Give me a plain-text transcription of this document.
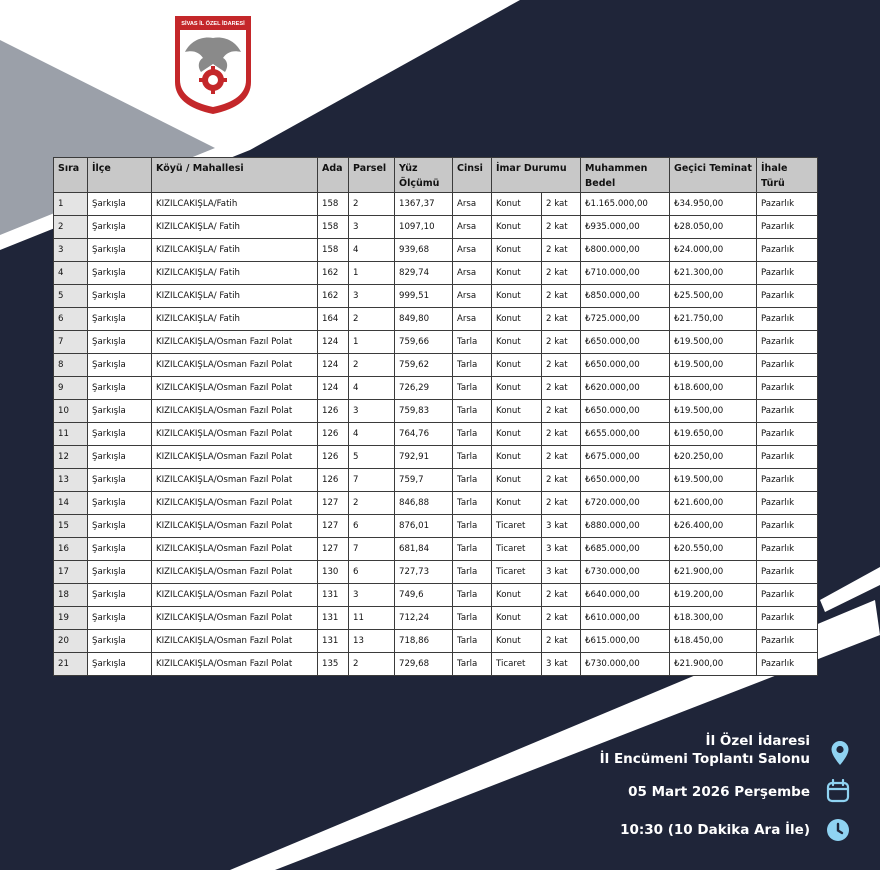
SİVAS İL ÖZEL İDARESİ
Sıra	İlçe	Köyü / Mahallesi	Ada	Parsel	Yüz Ölçümü	Cinsi	İmar Durumu		Muhammen Bedel	Geçici Teminat	İhale Türü
1	Şarkışla	KIZILCAKIŞLA/Fatih	158	2	1367,37	Arsa	Konut	2 kat	₺1.165.000,00	₺34.950,00	Pazarlık
2	Şarkışla	KIZILCAKIŞLA/ Fatih	158	3	1097,10	Arsa	Konut	2 kat	₺935.000,00	₺28.050,00	Pazarlık
3	Şarkışla	KIZILCAKIŞLA/ Fatih	158	4	939,68	Arsa	Konut	2 kat	₺800.000,00	₺24.000,00	Pazarlık
4	Şarkışla	KIZILCAKIŞLA/ Fatih	162	1	829,74	Arsa	Konut	2 kat	₺710.000,00	₺21.300,00	Pazarlık
5	Şarkışla	KIZILCAKIŞLA/ Fatih	162	3	999,51	Arsa	Konut	2 kat	₺850.000,00	₺25.500,00	Pazarlık
6	Şarkışla	KIZILCAKIŞLA/ Fatih	164	2	849,80	Arsa	Konut	2 kat	₺725.000,00	₺21.750,00	Pazarlık
7	Şarkışla	KIZILCAKIŞLA/Osman Fazıl Polat	124	1	759,66	Tarla	Konut	2 kat	₺650.000,00	₺19.500,00	Pazarlık
8	Şarkışla	KIZILCAKIŞLA/Osman Fazıl Polat	124	2	759,62	Tarla	Konut	2 kat	₺650.000,00	₺19.500,00	Pazarlık
9	Şarkışla	KIZILCAKIŞLA/Osman Fazıl Polat	124	4	726,29	Tarla	Konut	2 kat	₺620.000,00	₺18.600,00	Pazarlık
10	Şarkışla	KIZILCAKIŞLA/Osman Fazıl Polat	126	3	759,83	Tarla	Konut	2 kat	₺650.000,00	₺19.500,00	Pazarlık
11	Şarkışla	KIZILCAKIŞLA/Osman Fazıl Polat	126	4	764,76	Tarla	Konut	2 kat	₺655.000,00	₺19.650,00	Pazarlık
12	Şarkışla	KIZILCAKIŞLA/Osman Fazıl Polat	126	5	792,91	Tarla	Konut	2 kat	₺675.000,00	₺20.250,00	Pazarlık
13	Şarkışla	KIZILCAKIŞLA/Osman Fazıl Polat	126	7	759,7	Tarla	Konut	2 kat	₺650.000,00	₺19.500,00	Pazarlık
14	Şarkışla	KIZILCAKIŞLA/Osman Fazıl Polat	127	2	846,88	Tarla	Konut	2 kat	₺720.000,00	₺21.600,00	Pazarlık
15	Şarkışla	KIZILCAKIŞLA/Osman Fazıl Polat	127	6	876,01	Tarla	Ticaret	3 kat	₺880.000,00	₺26.400,00	Pazarlık
16	Şarkışla	KIZILCAKIŞLA/Osman Fazıl Polat	127	7	681,84	Tarla	Ticaret	3 kat	₺685.000,00	₺20.550,00	Pazarlık
17	Şarkışla	KIZILCAKIŞLA/Osman Fazıl Polat	130	6	727,73	Tarla	Ticaret	3 kat	₺730.000,00	₺21.900,00	Pazarlık
18	Şarkışla	KIZILCAKIŞLA/Osman Fazıl Polat	131	3	749,6	Tarla	Konut	2 kat	₺640.000,00	₺19.200,00	Pazarlık
19	Şarkışla	KIZILCAKIŞLA/Osman Fazıl Polat	131	11	712,24	Tarla	Konut	2 kat	₺610.000,00	₺18.300,00	Pazarlık
20	Şarkışla	KIZILCAKIŞLA/Osman Fazıl Polat	131	13	718,86	Tarla	Konut	2 kat	₺615.000,00	₺18.450,00	Pazarlık
21	Şarkışla	KIZILCAKIŞLA/Osman Fazıl Polat	135	2	729,68	Tarla	Ticaret	3 kat	₺730.000,00	₺21.900,00	Pazarlık
İl Özel İdaresi
İl Encümeni Toplantı Salonu
05 Mart 2026 Perşembe
10:30 (10 Dakika Ara İle)
